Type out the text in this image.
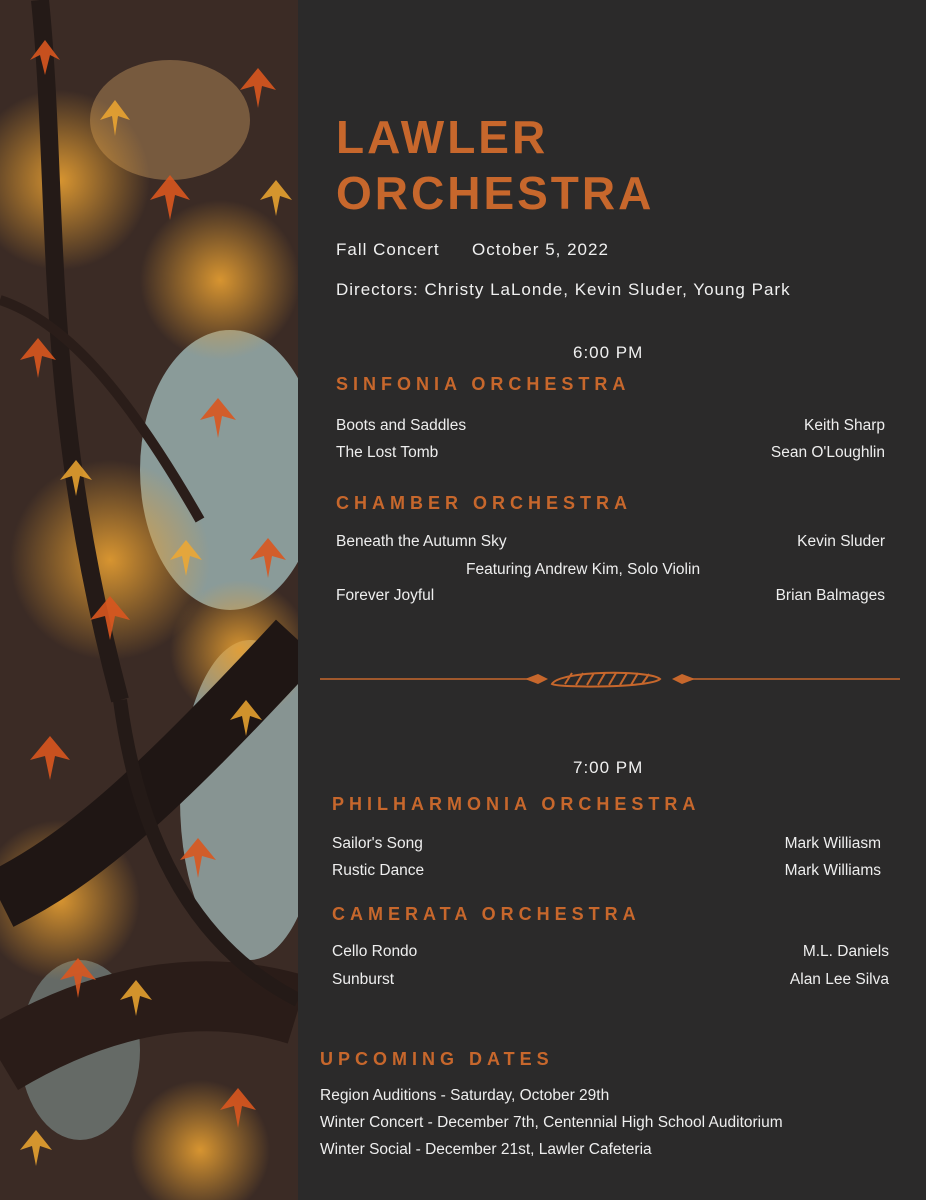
LAWLER
ORCHESTRA
Fall Concert October 5, 2022
Directors: Christy LaLonde, Kevin Sluder, Young Park
6:00 PM
SINFONIA ORCHESTRA
Boots and Saddles	Keith Sharp
The Lost Tomb	Sean O'Loughlin
CHAMBER ORCHESTRA
Beneath the Autumn Sky	Kevin Sluder
Featuring Andrew Kim, Solo Violin
Forever Joyful	Brian Balmages
7:00 PM
PHILHARMONIA ORCHESTRA
Sailor's Song	Mark Williasm
Rustic Dance	Mark Williams
CAMERATA ORCHESTRA
Cello Rondo	M.L. Daniels
Sunburst	Alan Lee Silva
UPCOMING DATES
Region Auditions - Saturday, October 29th
Winter Concert - December 7th, Centennial High School Auditorium
Winter Social - December 21st, Lawler Cafeteria
